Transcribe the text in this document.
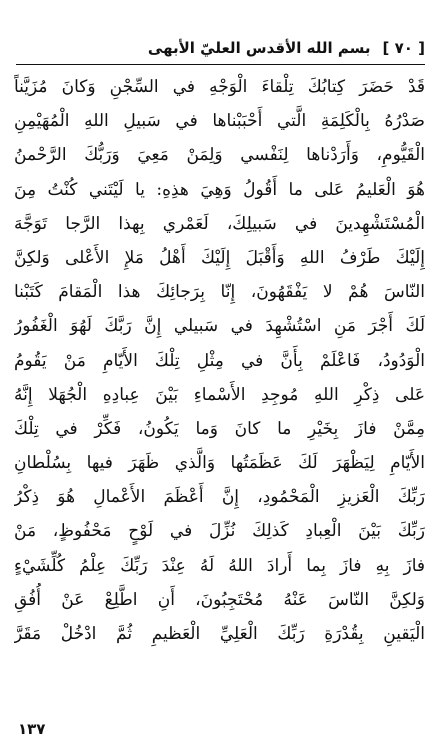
[ ٧٠ ]
بسم الله الأقدس العليّ الأبهى
قَدْ حَضَرَ كِتابُكَ تِلْقاءَ الْوَجْهِ في السِّجْنِ وَكانَ مُزَيَّناً
صَدْرُهُ بِالْكَلِمَةِ الَّتي أَحْبَبْناها في سَبيلِ اللهِ الْمُهَيْمِنِ
الْقَيُّومِ، وَأَرَدْناها لِنَفْسي وَلِمَنْ مَعِيَ وَرَبُّكَ الرَّحْمنُ
هُوَ الْعَليمُ عَلى ما أَقُولُ وَهِيَ هذِهِ: يا لَيْتَني كُنْتُ مِنَ
الْمُسْتَشْهِدينَ في سَبيلِكَ، لَعَمْري بِهذا الرَّجا تَوَجَّهَ
إِلَيْكَ طَرْفُ اللهِ وَأَقْبَلَ إِلَيْكَ أَهْلُ مَلإِ الأَعْلى وَلكِنَّ
النّاسَ هُمْ لا يَفْقَهُونَ، إِنّا بِرَجائِكَ هذا الْمَقامَ كَتَبْنا
لَكَ أَجْرَ مَنِ اسْتُشْهِدَ في سَبيلي إِنَّ رَبَّكَ لَهُوَ الْغَفُورُ
الْوَدُودُ، فَاعْلَمْ بِأَنَّ في مِثْلِ تِلْكَ الأَيّامِ مَنْ يَقُومُ
عَلى ذِكْرِ اللهِ مُوجِدِ الأَسْماءِ بَيْنَ عِبادِهِ الْجُهَلا إِنَّهُ
مِمَّنْ فازَ بِخَيْرِ ما كانَ وَما يَكُونُ، فَكِّرْ في تِلْكَ
الأَيّامِ لِيَظْهَرَ لَكَ عَظَمَتُها وَالَّذي ظَهَرَ فيها بِسُلْطانِ
رَبِّكَ الْعَزيزِ الْمَحْمُودِ، إِنَّ أَعْظَمَ الأَعْمالِ هُوَ ذِكْرُ
رَبِّكَ بَيْنَ الْعِبادِ كَذلِكَ نُزِّلَ في لَوْحٍ مَحْفُوظٍ، مَنْ
فازَ بِهِ فازَ بِما أَرادَ اللهُ لَهُ عِنْدَ رَبِّكَ عِلْمُ كُلِّشَيْءٍ
وَلكِنَّ النّاسَ عَنْهُ مُحْتَجِبُونَ، أَنِ اطَّلِعْ عَنْ أُفُقِ
الْيَقينِ بِقُدْرَةِ رَبِّكَ الْعَلِيِّ الْعَظيمِ ثُمَّ ادْخُلْ مَقَرَّ
١٣٧
